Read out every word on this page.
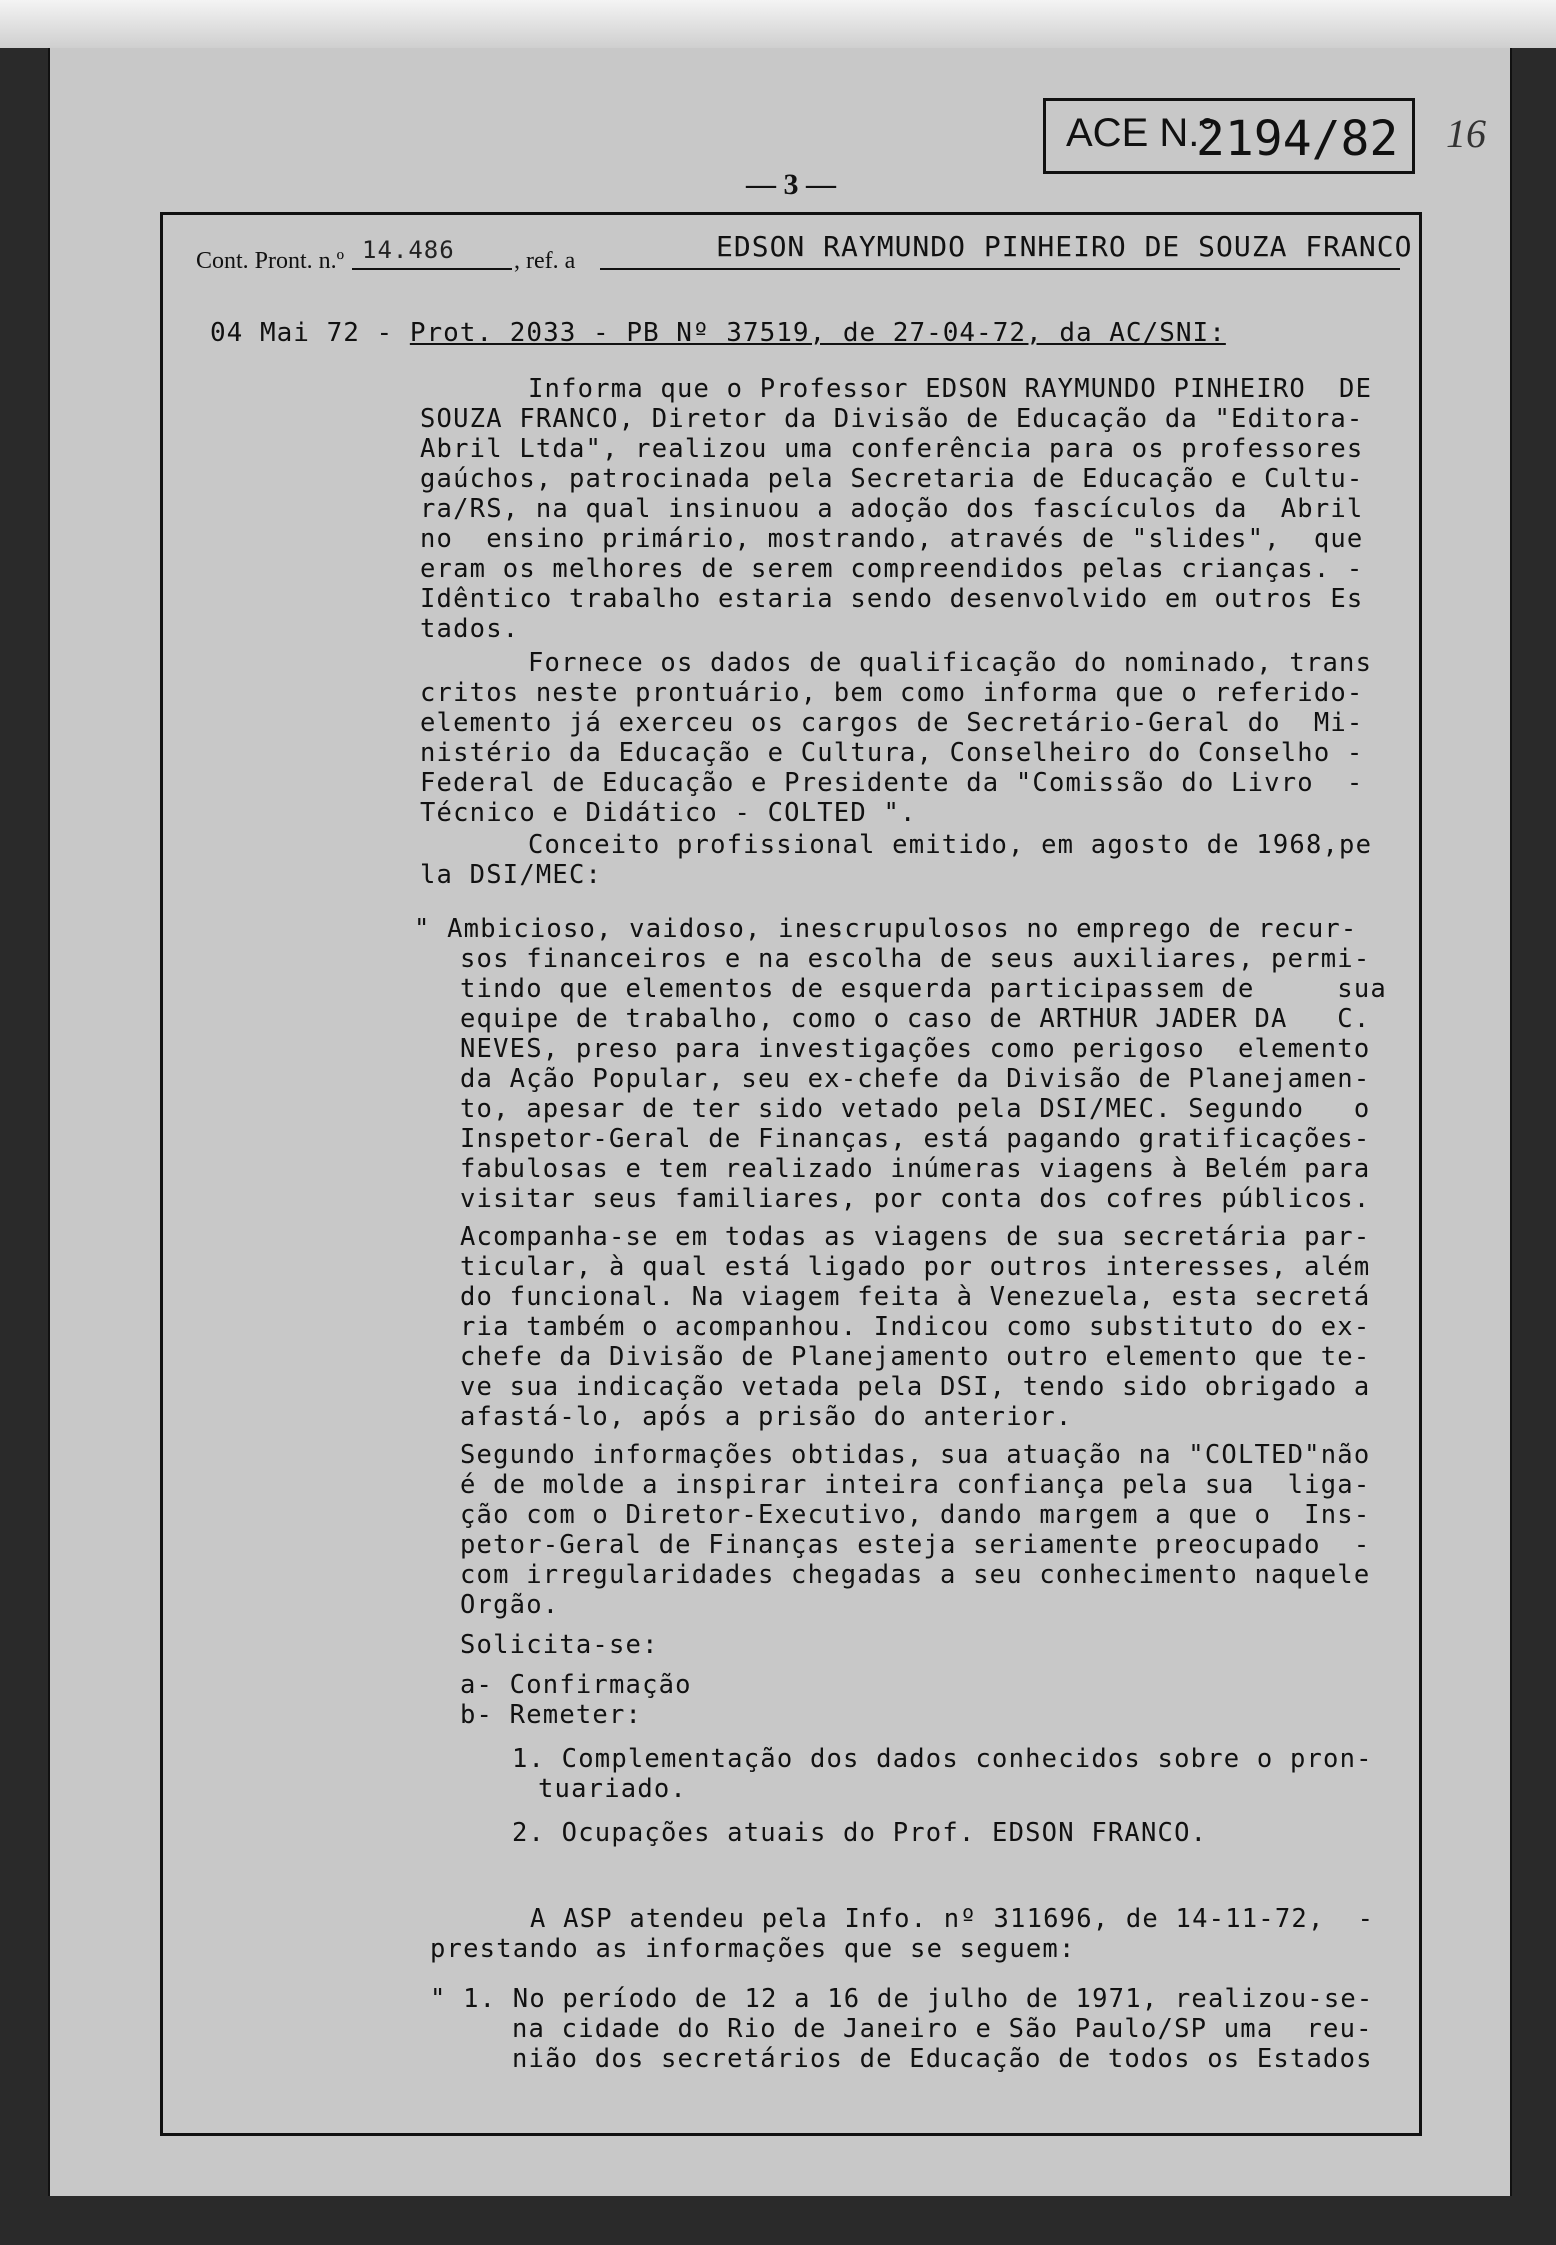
ACE N.°
2194/82 16
— 3 —
Cont. Pront. n.º 14.486 , ref. a	EDSON RAYMUNDO PINHEIRO DE SOUZA FRANCO
04 Mai 72 - Prot. 2033 - PB Nº 37519, de 27-04-72, da AC/SNI:
Informa que o Professor EDSON RAYMUNDO PINHEIRO  DE
SOUZA FRANCO, Diretor da Divisão de Educação da "Editora-
Abril Ltda", realizou uma conferência para os professores
gaúchos, patrocinada pela Secretaria de Educação e Cultu-
ra/RS, na qual insinuou a adoção dos fascículos da  Abril
no  ensino primário, mostrando, através de "slides",  que
eram os melhores de serem compreendidos pelas crianças. -
Idêntico trabalho estaria sendo desenvolvido em outros Es
tados.
Fornece os dados de qualificação do nominado, trans
critos neste prontuário, bem como informa que o referido-
elemento já exerceu os cargos de Secretário-Geral do  Mi-
nistério da Educação e Cultura, Conselheiro do Conselho -
Federal de Educação e Presidente da "Comissão do Livro  -
Técnico e Didático - COLTED ".
Conceito profissional emitido, em agosto de 1968,pe
la DSI/MEC:
" Ambicioso, vaidoso, inescrupulosos no emprego de recur-
sos financeiros e na escolha de seus auxiliares, permi-
tindo que elementos de esquerda participassem de     sua
equipe de trabalho, como o caso de ARTHUR JADER DA   C.
NEVES, preso para investigações como perigoso  elemento
da Ação Popular, seu ex-chefe da Divisão de Planejamen-
to, apesar de ter sido vetado pela DSI/MEC. Segundo   o
Inspetor-Geral de Finanças, está pagando gratificações-
fabulosas e tem realizado inúmeras viagens à Belém para
visitar seus familiares, por conta dos cofres públicos.
Acompanha-se em todas as viagens de sua secretária par-
ticular, à qual está ligado por outros interesses, além
do funcional. Na viagem feita à Venezuela, esta secretá
ria também o acompanhou. Indicou como substituto do ex-
chefe da Divisão de Planejamento outro elemento que te-
ve sua indicação vetada pela DSI, tendo sido obrigado a
afastá-lo, após a prisão do anterior.
Segundo informações obtidas, sua atuação na "COLTED"não
é de molde a inspirar inteira confiança pela sua  liga-
ção com o Diretor-Executivo, dando margem a que o  Ins-
petor-Geral de Finanças esteja seriamente preocupado  -
com irregularidades chegadas a seu conhecimento naquele
Orgão.
Solicita-se:
a- Confirmação
b- Remeter:
1. Complementação dos dados conhecidos sobre o pron-
tuariado.
2. Ocupações atuais do Prof. EDSON FRANCO.
A ASP atendeu pela Info. nº 311696, de 14-11-72,  -
prestando as informações que se seguem:
" 1. No período de 12 a 16 de julho de 1971, realizou-se-
na cidade do Rio de Janeiro e São Paulo/SP uma  reu-
nião dos secretários de Educação de todos os Estados
